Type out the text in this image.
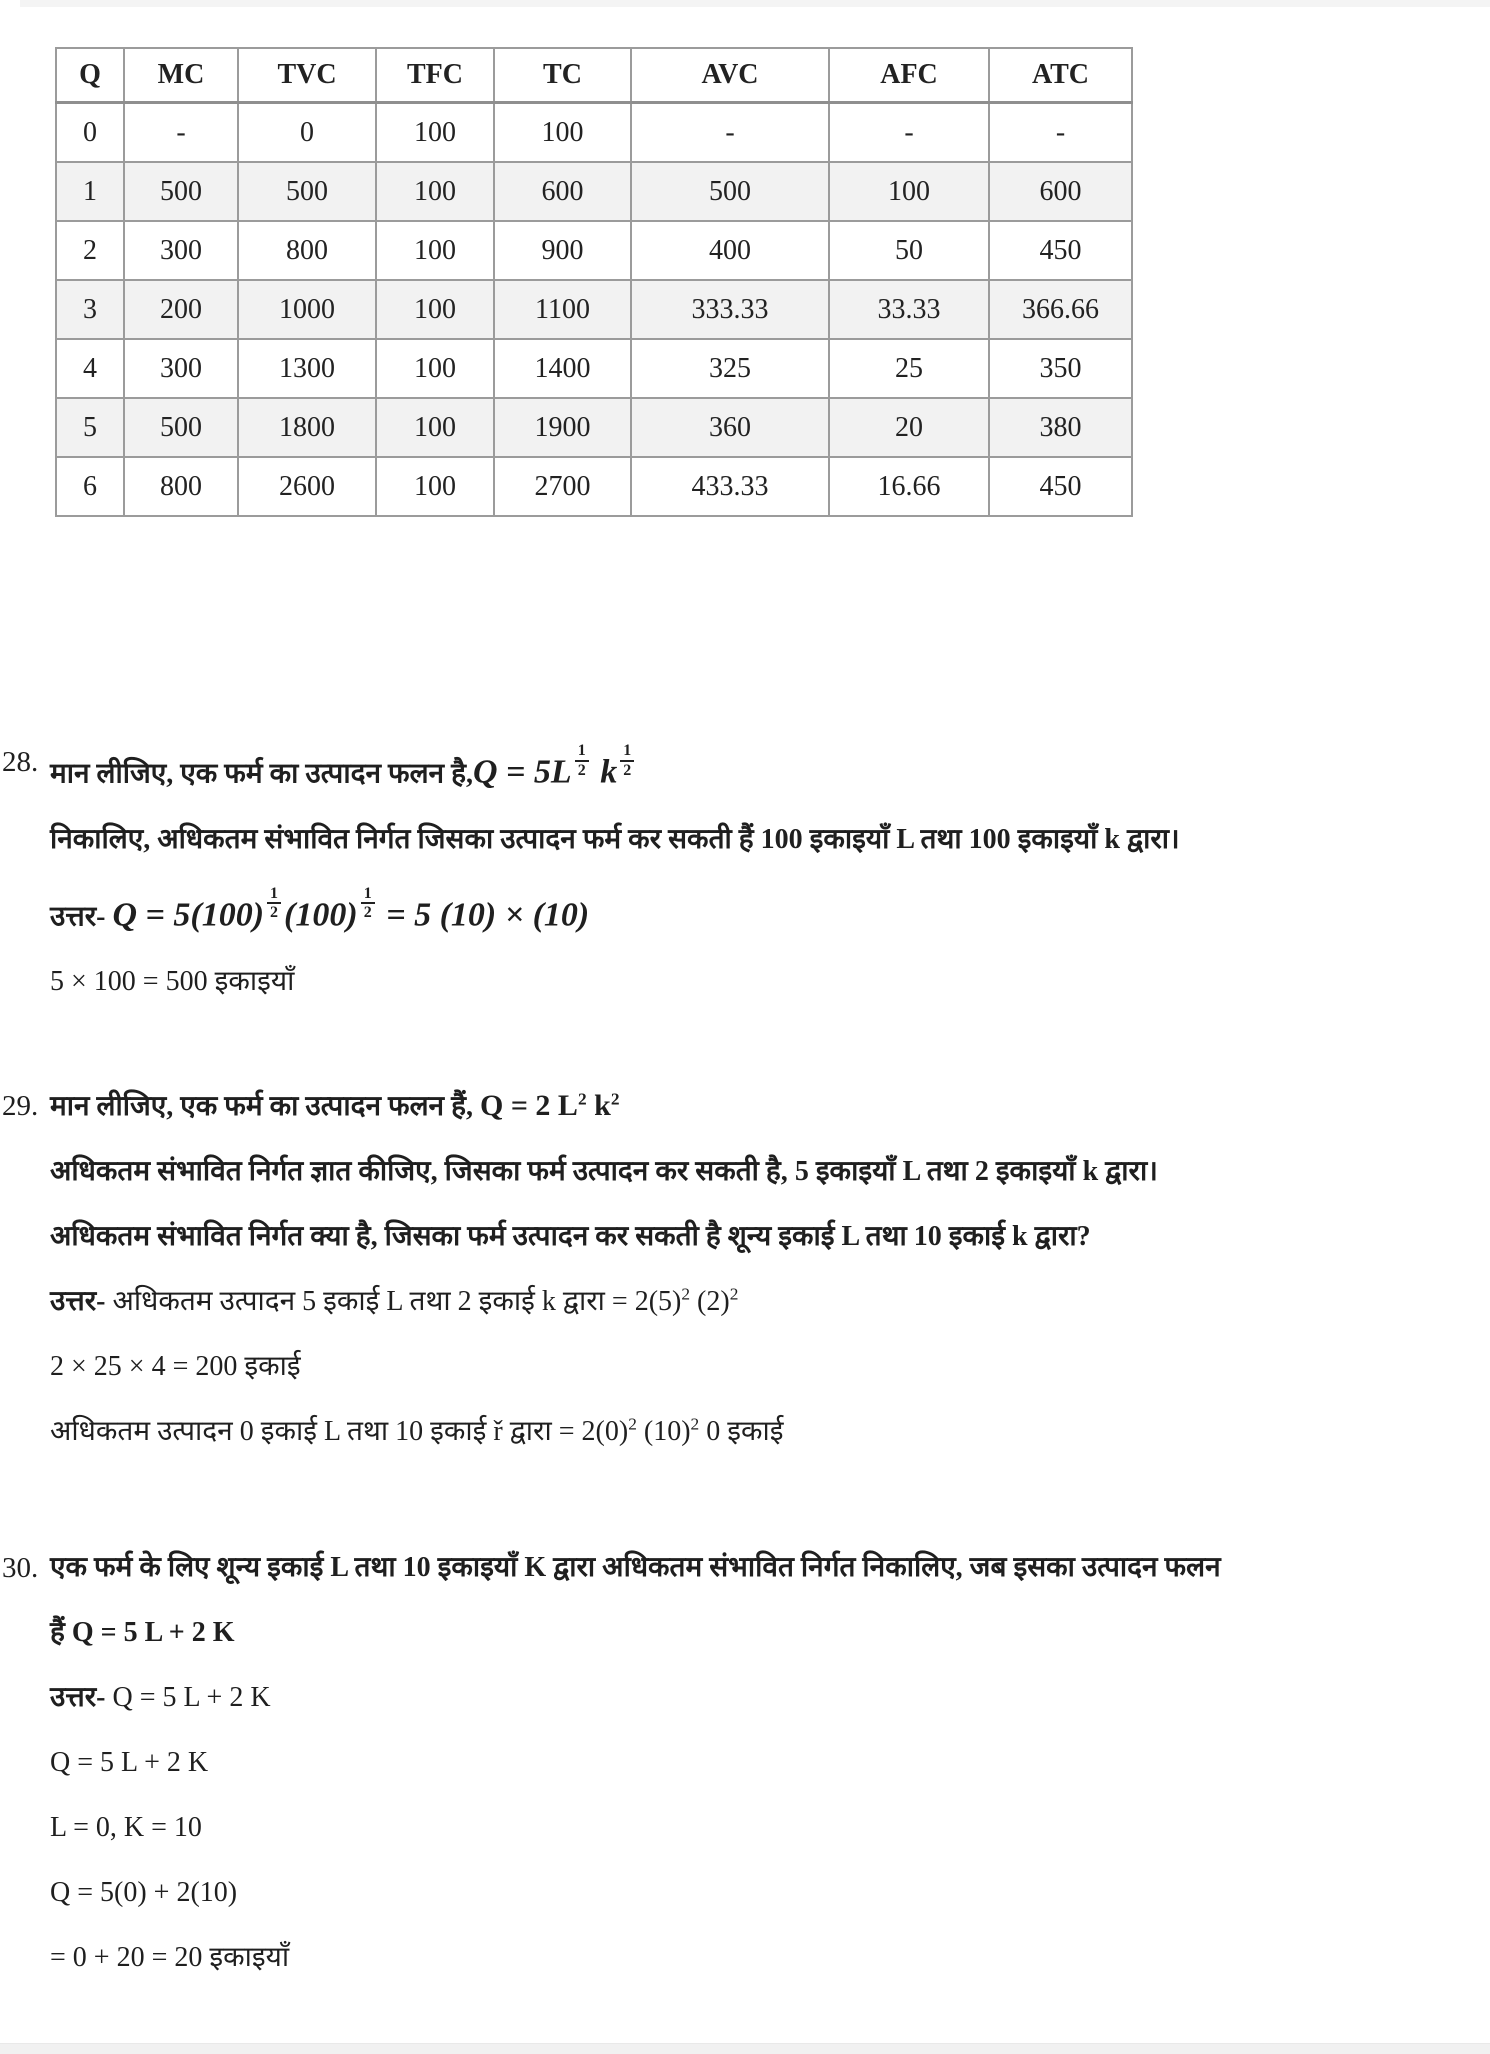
Q	MC	TVC	TFC	TC	AVC	AFC	ATC
0	-	0	100	100	-	-	-
1	500	500	100	600	500	100	600
2	300	800	100	900	400	50	450
3	200	1000	100	1100	333.33	33.33	366.66
4	300	1300	100	1400	325	25	350
5	500	1800	100	1900	360	20	380
6	800	2600	100	2700	433.33	16.66	450
28. मान लीजिए, एक फर्म का उत्पादन फलन है,Q = $5L \frac{1}{2}$ k $\frac{1}{2}$

निकालिए, अधिकतम संभावित निर्गत जिसका उत्पादन फर्म कर सकती हैं 100 इकाइयाँ L तथा 100 इकाइयाँ k द्वारा।

उत्तर- $Q = 5(100) \frac{1}{2} (100) \frac{1}{2} = 5$ (10) × (10)

5 × 100 = 500 इकाइयाँ

29. मान लीजिए, एक फर्म का उत्पादन फलन हैं, Q = 2 $L^2$ $k^2$

अधिकतम संभावित निर्गत ज्ञात कीजिए, जिसका फर्म उत्पादन कर सकती है, 5 इकाइयाँ L तथा 2 इकाइयाँ k द्वारा।

अधिकतम संभावित निर्गत क्या है, जिसका फर्म उत्पादन कर सकती है शून्य इकाई L तथा 10 इकाई k द्वारा?

उत्तर- अधिकतम उत्पादन 5 इकाई L तथा 2 इकाई k द्वारा = $2(5)^2$ $(2)^2$

2 × 25 × 4 = 200 इकाई

अधिकतम उत्पादन 0 इकाई L तथा 10 इकाई ř द्वारा = $2(0)^2$ $(10)^2$ 0 इकाई

30. एक फर्म के लिए शून्य इकाई L तथा 10 इकाइयाँ K द्वारा अधिकतम संभावित निर्गत निकालिए, जब इसका उत्पादन फलन

हैं Q = 5 L + 2 K

उत्तर- Q = 5 L + 2 K

Q = 5 L + 2 K

L = 0, K = 10

Q = 5(0) + 2(10)

= 0 + 20 = 20 इकाइयाँ
